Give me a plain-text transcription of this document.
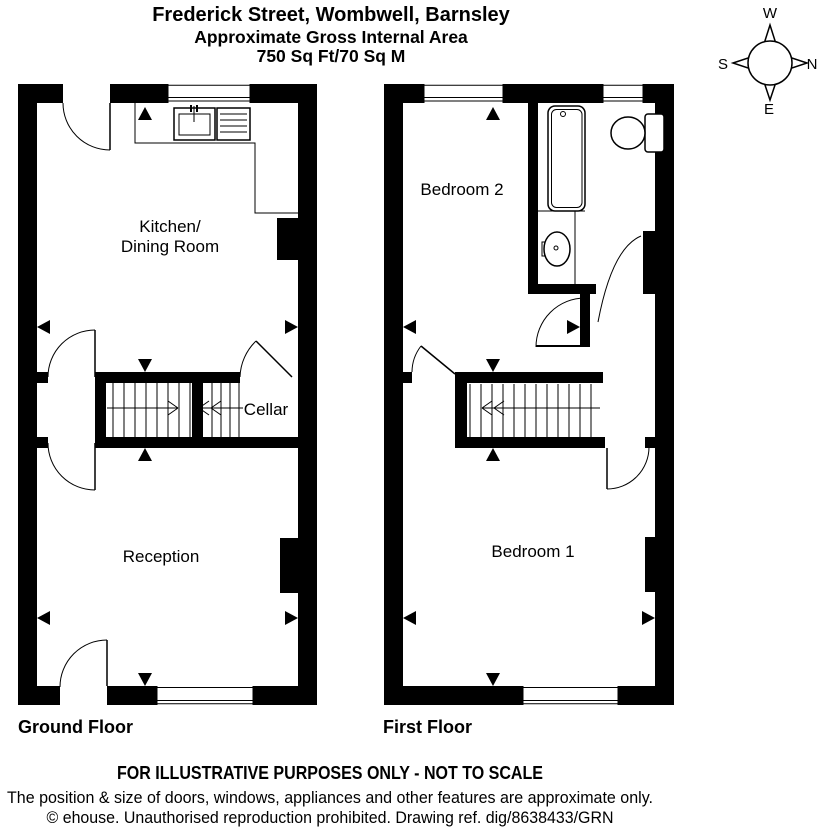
Frederick Street, Wombwell, Barnsley
Approximate Gross Internal Area
750 Sq Ft/70 Sq M
W
S	N
E
Kitchen/
Dining Room
Cellar
Reception
Ground Floor
Bedroom 2
Bedroom 1
First Floor
FOR ILLUSTRATIVE PURPOSES ONLY - NOT TO SCALE
The position & size of doors, windows, appliances and other features are approximate only.
© ehouse. Unauthorised reproduction prohibited. Drawing ref. dig/8638433/GRN
